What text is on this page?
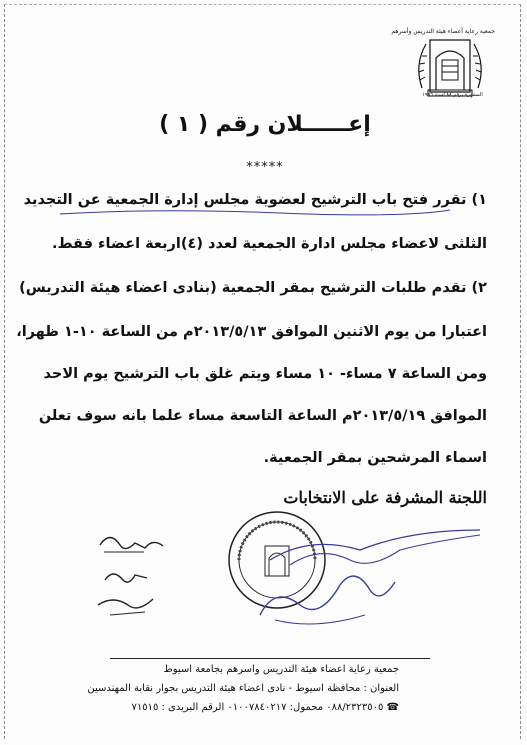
جمعية رعاية أعضاء هيئة التدريس وأسرهم
المشهرة برقم ٨٨ لسنة ١٩٩٦
إعــــــلان رقم ( ١ )
*****
١) تقرر فتح باب الترشيح لعضوية مجلس إدارة الجمعية عن التجديد
الثلثى لاعضاء مجلس ادارة الجمعية لعدد (٤)اربعة اعضاء فقط.
٢) تقدم طلبات الترشيح بمقر الجمعية (بنادى اعضاء هيئة التدريس)
اعتبارا من يوم الاثنين الموافق ٢٠١٣/٥/١٣م من الساعة ١٠-١ ظهرا،
ومن الساعة ٧ مساء- ١٠ مساء ويتم غلق باب الترشيح يوم الاحد
الموافق ٢٠١٣/٥/١٩م الساعة التاسعة مساء علما بانه سوف تعلن
اسماء المرشحين بمقر الجمعية.
اللجنة المشرفة على الانتخابات
جمعية رعاية اعضاء هيئة التدريس واسرهم بجامعة اسيوط
العنوان : محافظة اسيوط - نادى اعضاء هيئة التدريس بجوار نقابة المهندسين
☎ ٠٨٨/٢٣٢٣٥٠٥ محمول: ٠١٠٠٧٨٤٠٢١٧ الرقم البريدى : ٧١٥١٥
